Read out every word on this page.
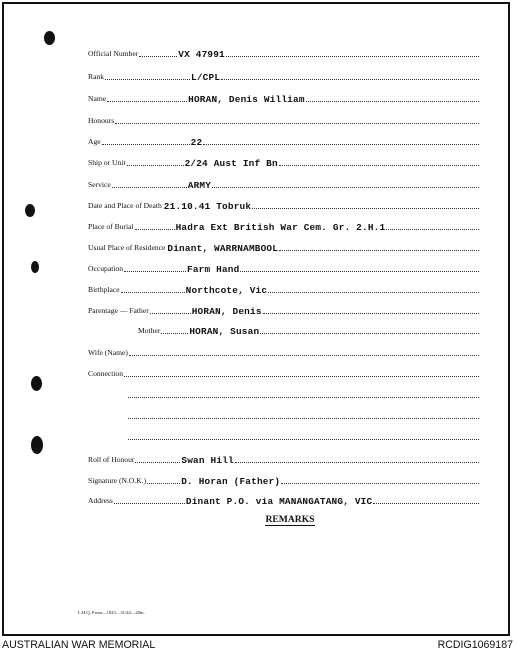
Official Number	VX 47991
Rank	L/CPL
Name	HORAN, Denis William
Honours
Age	22
Ship or Unit	2/24 Aust Inf Bn
Service	ARMY
Date and Place of Death 21.10.41 Tobruk
Place of Burial	Hadra Ext British War Cem. Gr. 2.H.1
Usual Place of Residence Dinant, WARRNAMBOOL
Occupation	Farm Hand
Birthplace	Northcote, Vic
Parentage — Father	HORAN, Denis
Mother	HORAN, Susan
Wife (Name)
Connection
Roll of Honour	Swan Hill
Signature (N.O.K.)	D. Horan (Father)
Address	Dinant P.O. via MANANGATANG, VIC
REMARKS
L.H.Q. Prom—1925—31/44—20m.
AUSTRALIAN WAR MEMORIAL	RCDIG1069187
